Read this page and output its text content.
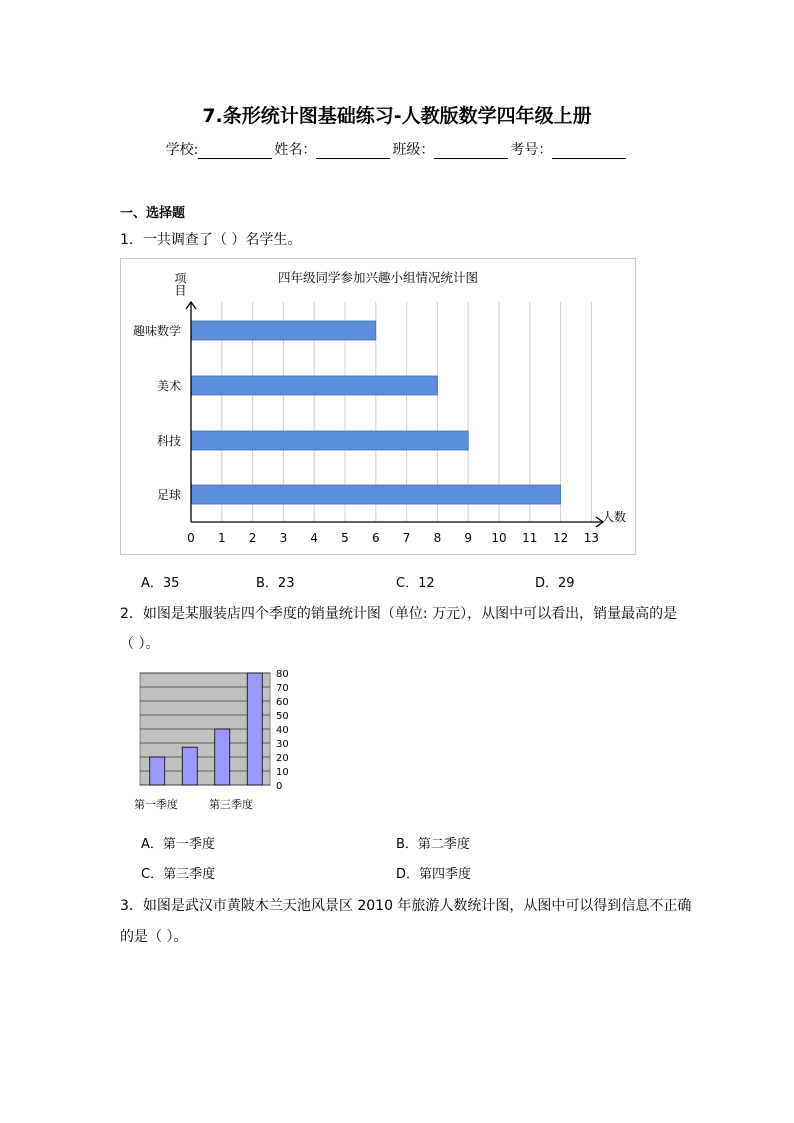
7.条形统计图基础练习-人教版数学四年级上册
学校:	姓名：	班级：	考号：
一、选择题
1．一共调查了（ ）名学生。
四年级同学参加兴趣小组情况统计图
项目
人数
趣味数学
美术
科技
足球
0 1 2 3 4 5 6 7 8 9 10 11 12 13
A．35	B．23	C．12	D．29
2．如图是某服装店四个季度的销量统计图（单位: 万元），从图中可以看出，销量最高的是
（ ）。
0
10
20
30
40
50
60
70
80
第一季度	第三季度
A．第一季度	B．第二季度
C．第三季度	D．第四季度
3．如图是武汉市黄陂木兰天池风景区 2010 年旅游人数统计图，从图中可以得到信息不正确
的是（ ）。
